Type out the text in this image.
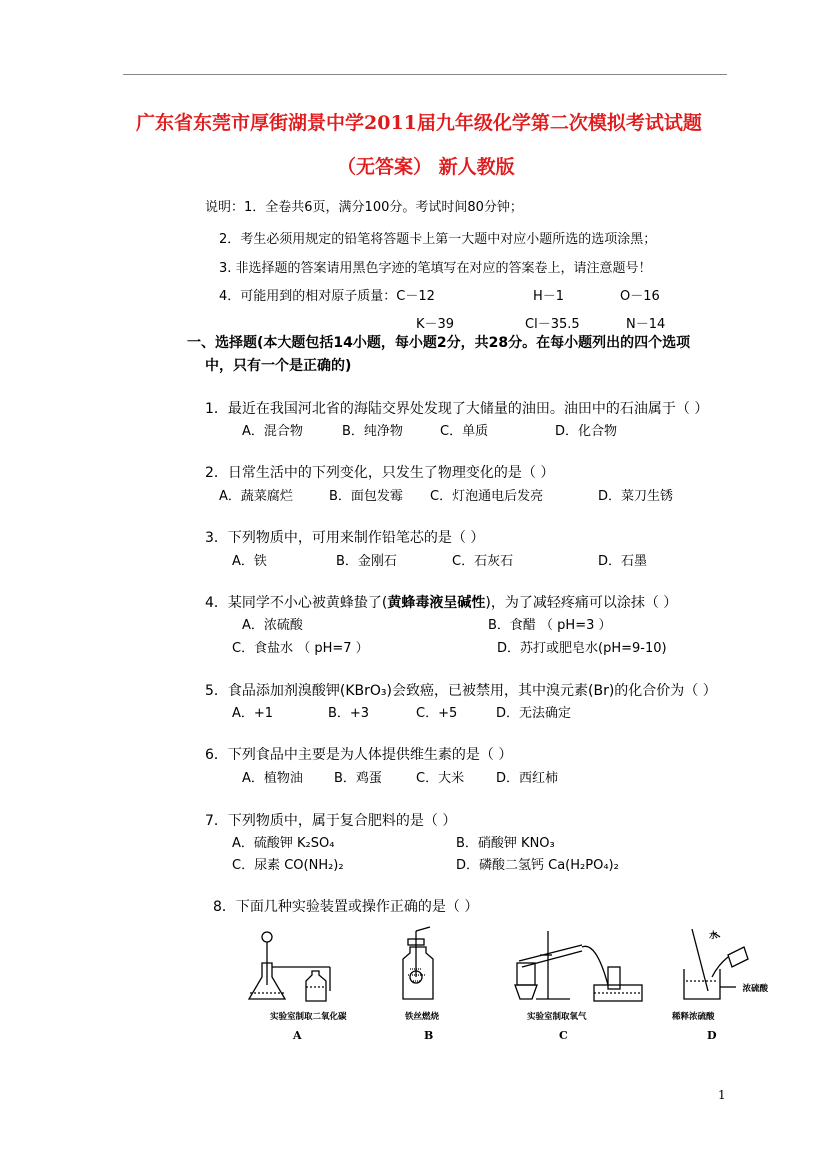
广东省东莞市厚街湖景中学2011届九年级化学第二次模拟考试试题
（无答案） 新人教版
说明：1．全卷共6页，满分100分。考试时间80分钟；
2．考生必须用规定的铅笔将答题卡上第一大题中对应小题所选的选项涂黑；
3. 非选择题的答案请用黑色字迹的笔填写在对应的答案卷上，请注意题号！
4．可能用到的相对原子质量：C－12	H－1	O－16
K－39	Cl－35.5	N－14
一、选择题(本大题包括14小题，每小题2分，共28分。在每小题列出的四个选项
中，只有一个是正确的)
1．最近在我国河北省的海陆交界处发现了大储量的油田。油田中的石油属于（ ）
A．混合物	B．纯净物	C．单质	D．化合物
2．日常生活中的下列变化，只发生了物理变化的是（ ）
A．蔬菜腐烂	B．面包发霉 C．灯泡通电后发亮	D．菜刀生锈
3．下列物质中，可用来制作铅笔芯的是（ ）
A．铁	B．金刚石	C．石灰石	D．石墨
4．某同学不小心被黄蜂蛰了(黄蜂毒液呈碱性)，为了减轻疼痛可以涂抹（ ）
A．浓硫酸	B．食醋 （ pH=3 ）
C．食盐水 （ pH=7 ）	D．苏打或肥皂水(pH=9-10)
5．食品添加剂溴酸钾(KBrO₃)会致癌，已被禁用，其中溴元素(Br)的化合价为（ ）
A．+1	B．+3	C．+5	D．无法确定
6．下列食品中主要是为人体提供维生素的是（ ）
A．植物油 B．鸡蛋	C．大米 D．西红柿
7．下列物质中，属于复合肥料的是（ ）
A．硫酸钾 K₂SO₄	B．硝酸钾 KNO₃
C．尿素 CO(NH₂)₂	D．磷酸二氢钙 Ca(H₂PO₄)₂
8．下面几种实验装置或操作正确的是（ ）
实验室制取二氧化碳	铁丝燃烧	实验室制取氧气	稀释浓硫酸
水
浓硫酸
A	B	C	D
1
